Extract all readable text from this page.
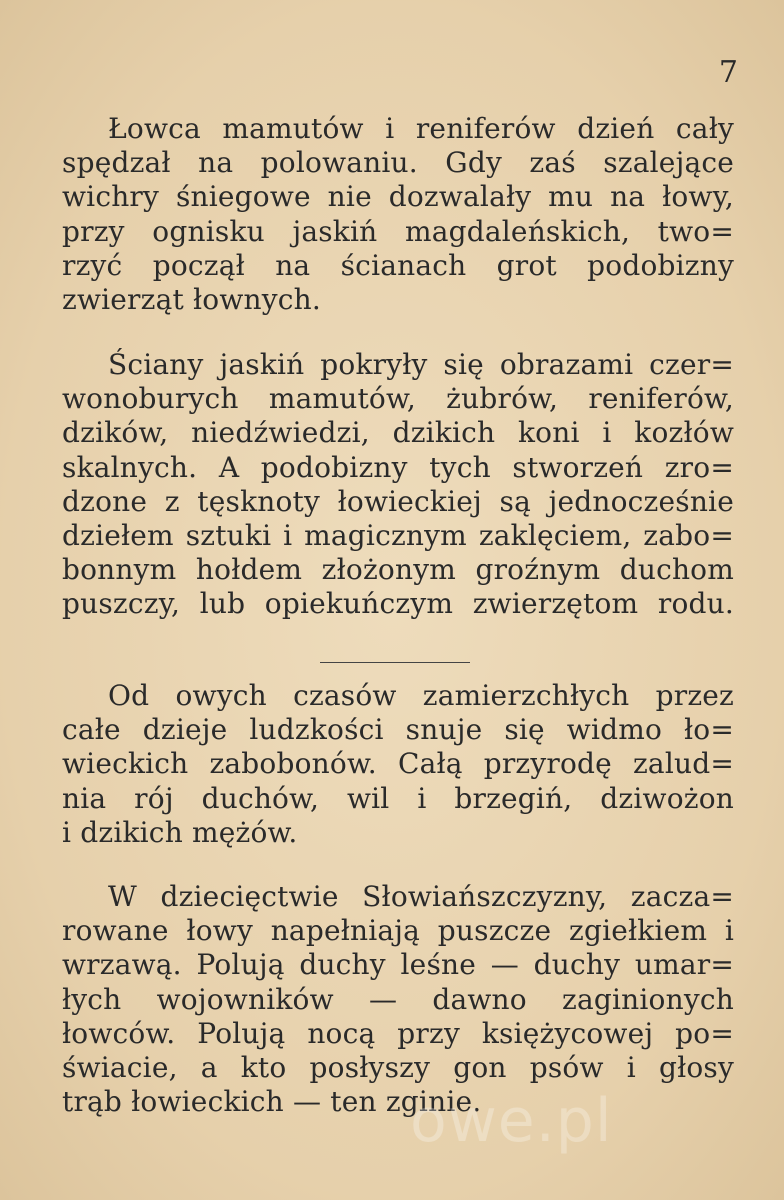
7
Łowca mamutów i reniferów dzień cały
spędzał na polowaniu. Gdy zaś szalejące
wichry śniegowe nie dozwalały mu na łowy,
przy ognisku jaskiń magdaleńskich, two=
rzyć począł na ścianach grot podobizny
zwierząt łownych.
Ściany jaskiń pokryły się obrazami czer=
wonoburych mamutów, żubrów, reniferów,
dzików, niedźwiedzi, dzikich koni i kozłów
skalnych. A podobizny tych stworzeń zro=
dzone z tęsknoty łowieckiej są jednocześnie
dziełem sztuki i magicznym zaklęciem, zabo=
bonnym hołdem złożonym groźnym duchom
puszczy, lub opiekuńczym zwierzętom rodu.
Od owych czasów zamierzchłych przez
całe dzieje ludzkości snuje się widmo ło=
wieckich zabobonów. Całą przyrodę zalud=
nia rój duchów, wil i brzegiń, dziwożon
i dzikich mężów.
W dziecięctwie Słowiańszczyzny, zacza=
rowane łowy napełniają puszcze zgiełkiem i
wrzawą. Polują duchy leśne — duchy umar=
łych wojowników — dawno zaginionych
łowców. Polują nocą przy księżycowej po=
świacie, a kto posłyszy gon psów i głosy
trąb łowieckich — ten zginie.
owe.pl
